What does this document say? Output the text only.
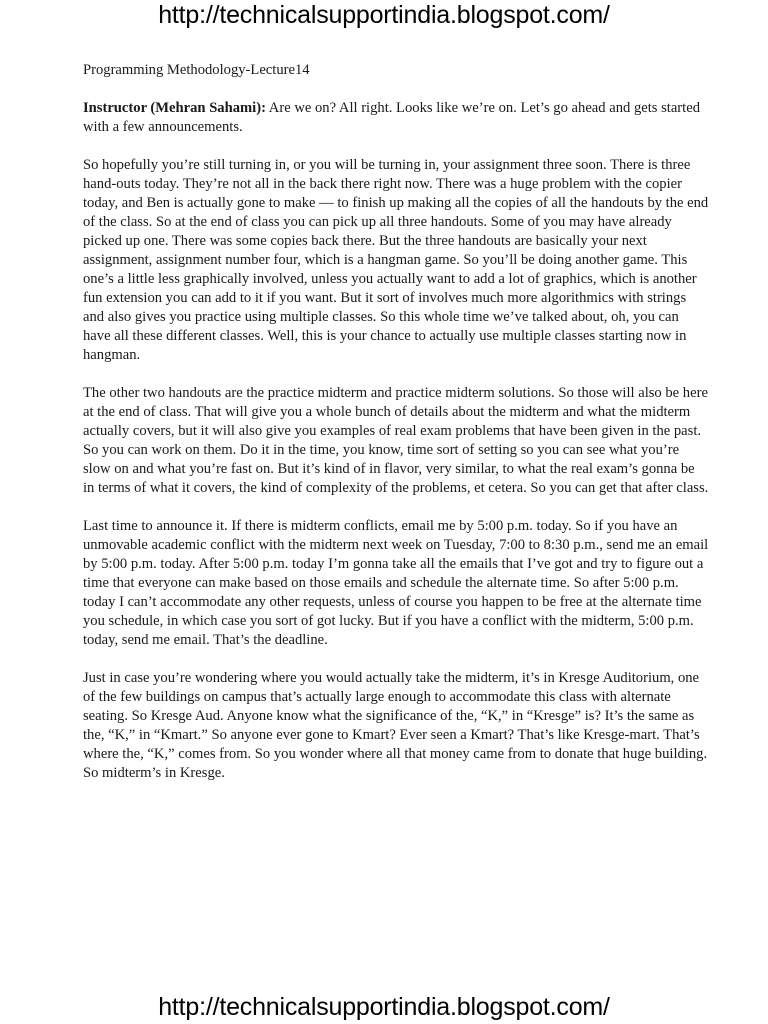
http://technicalsupportindia.blogspot.com/
Programming Methodology-Lecture14

Instructor (Mehran Sahami): Are we on? All right. Looks like we’re on. Let’s go ahead and gets started with a few announcements.

So hopefully you’re still turning in, or you will be turning in, your assignment three soon. There is three hand-outs today. They’re not all in the back there right now. There was a huge problem with the copier today, and Ben is actually gone to make — to finish up making all the copies of all the handouts by the end of the class. So at the end of class you can pick up all three handouts. Some of you may have already picked up one. There was some copies back there. But the three handouts are basically your next assignment, assignment number four, which is a hangman game. So you’ll be doing another game. This one’s a little less graphically involved, unless you actually want to add a lot of graphics, which is another fun extension you can add to it if you want. But it sort of involves much more algorithmics with strings and also gives you practice using multiple classes. So this whole time we’ve talked about, oh, you can have all these different classes. Well, this is your chance to actually use multiple classes starting now in hangman.

The other two handouts are the practice midterm and practice midterm solutions. So those will also be here at the end of class. That will give you a whole bunch of details about the midterm and what the midterm actually covers, but it will also give you examples of real exam problems that have been given in the past. So you can work on them. Do it in the time, you know, time sort of setting so you can see what you’re slow on and what you’re fast on. But it’s kind of in flavor, very similar, to what the real exam’s gonna be in terms of what it covers, the kind of complexity of the problems, et cetera. So you can get that after class.

Last time to announce it. If there is midterm conflicts, email me by 5:00 p.m. today. So if you have an unmovable academic conflict with the midterm next week on Tuesday, 7:00 to 8:30 p.m., send me an email by 5:00 p.m. today. After 5:00 p.m. today I’m gonna take all the emails that I’ve got and try to figure out a time that everyone can make based on those emails and schedule the alternate time. So after 5:00 p.m. today I can’t accommodate any other requests, unless of course you happen to be free at the alternate time you schedule, in which case you sort of got lucky. But if you have a conflict with the midterm, 5:00 p.m. today, send me email. That’s the deadline.

Just in case you’re wondering where you would actually take the midterm, it’s in Kresge Auditorium, one of the few buildings on campus that’s actually large enough to accommodate this class with alternate seating. So Kresge Aud. Anyone know what the significance of the, “K,” in “Kresge” is? It’s the same as the, “K,” in “Kmart.” So anyone ever gone to Kmart? Ever seen a Kmart? That’s like Kresge-mart. That’s where the, “K,” comes from. So you wonder where all that money came from to donate that huge building. So midterm’s in Kresge.

http://technicalsupportindia.blogspot.com/
